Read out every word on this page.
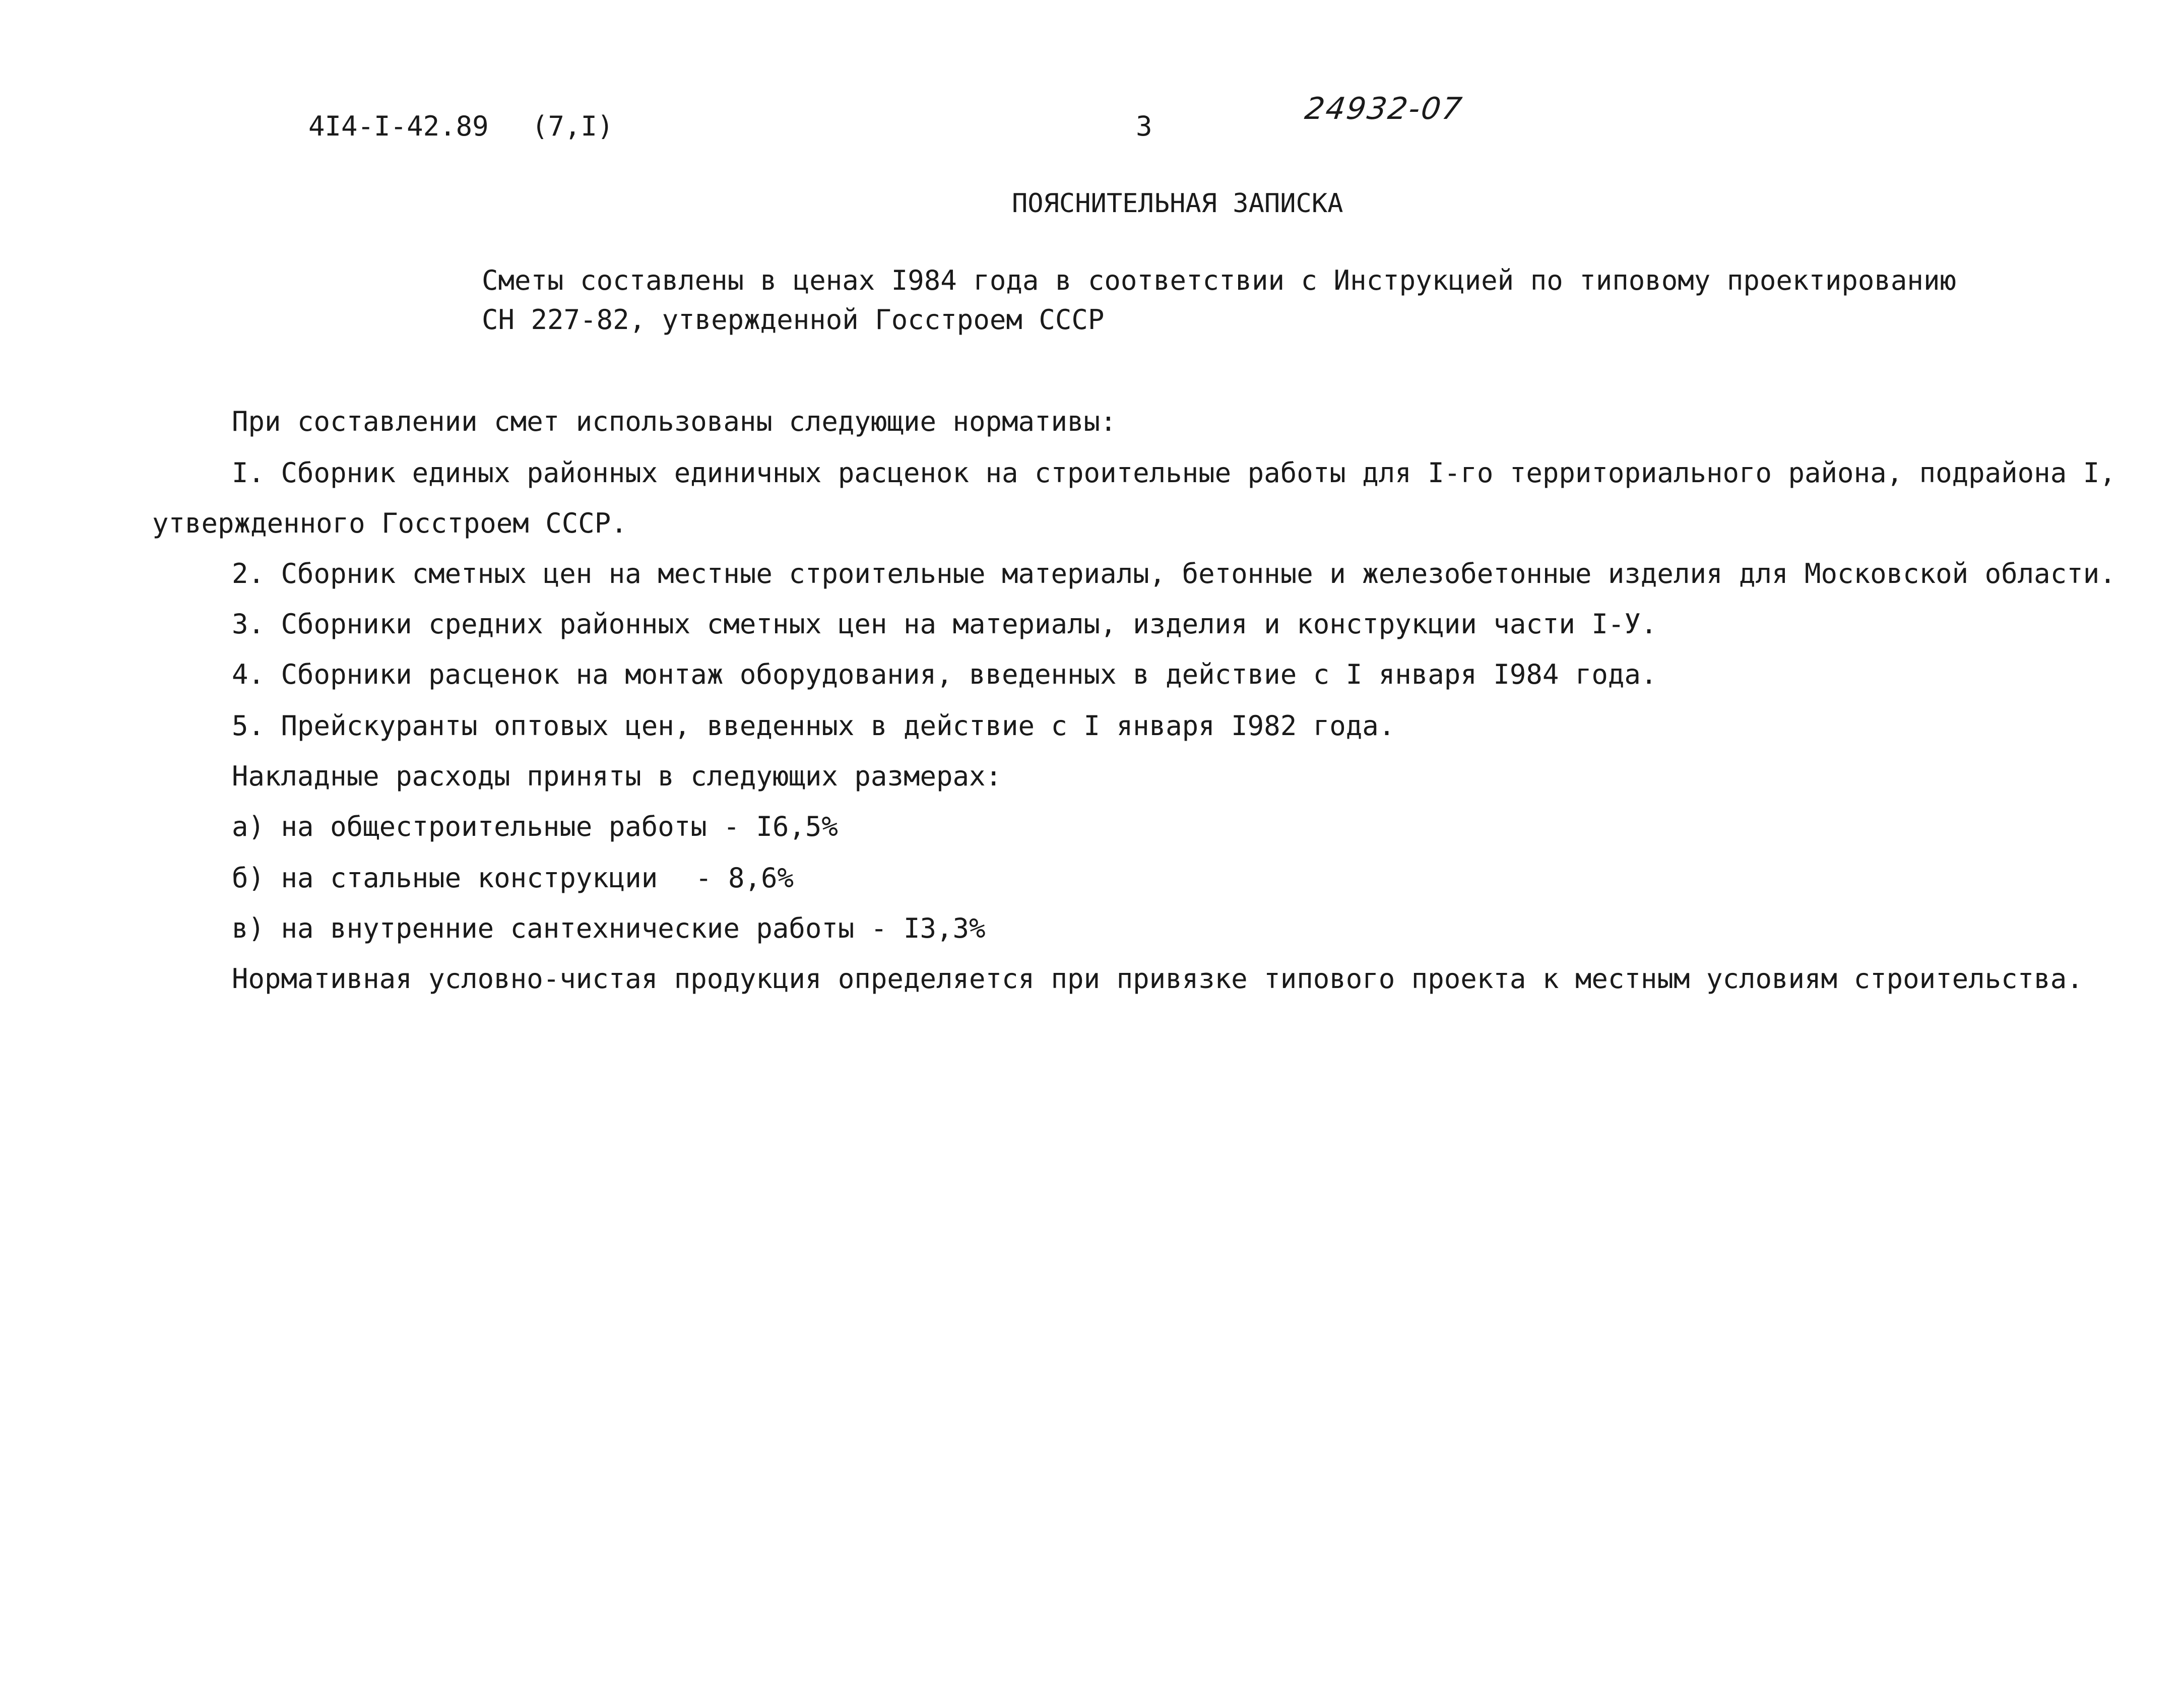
4I4-I-42.89 (7,I)	3	24932-07
ПОЯСНИТЕЛЬНАЯ ЗАПИСКА
Сметы составлены в ценах I984 года в соответствии с Инструкцией по типовому проектированию
СН 227-82, утвержденной Госстроем СССР
При составлении смет использованы следующие нормативы:
I. Сборник единых районных единичных расценок на строительные работы для I-го территориального района, подрайона I,
утвержденного Госстроем СССР.
2. Сборник сметных цен на местные строительные материалы, бетонные и железобетонные изделия для Московской области.
3. Сборники средних районных сметных цен на материалы, изделия и конструкции части I-У.
4. Сборники расценок на монтаж оборудования, введенных в действие с I января I984 года.
5. Прейскуранты оптовых цен, введенных в действие с I января I982 года.
Накладные расходы приняты в следующих размерах:
а) на общестроительные работы - I6,5%
б) на стальные конструкции - 8,6%
в) на внутренние сантехнические работы - I3,3%
Нормативная условно-чистая продукция определяется при привязке типового проекта к местным условиям строительства.
